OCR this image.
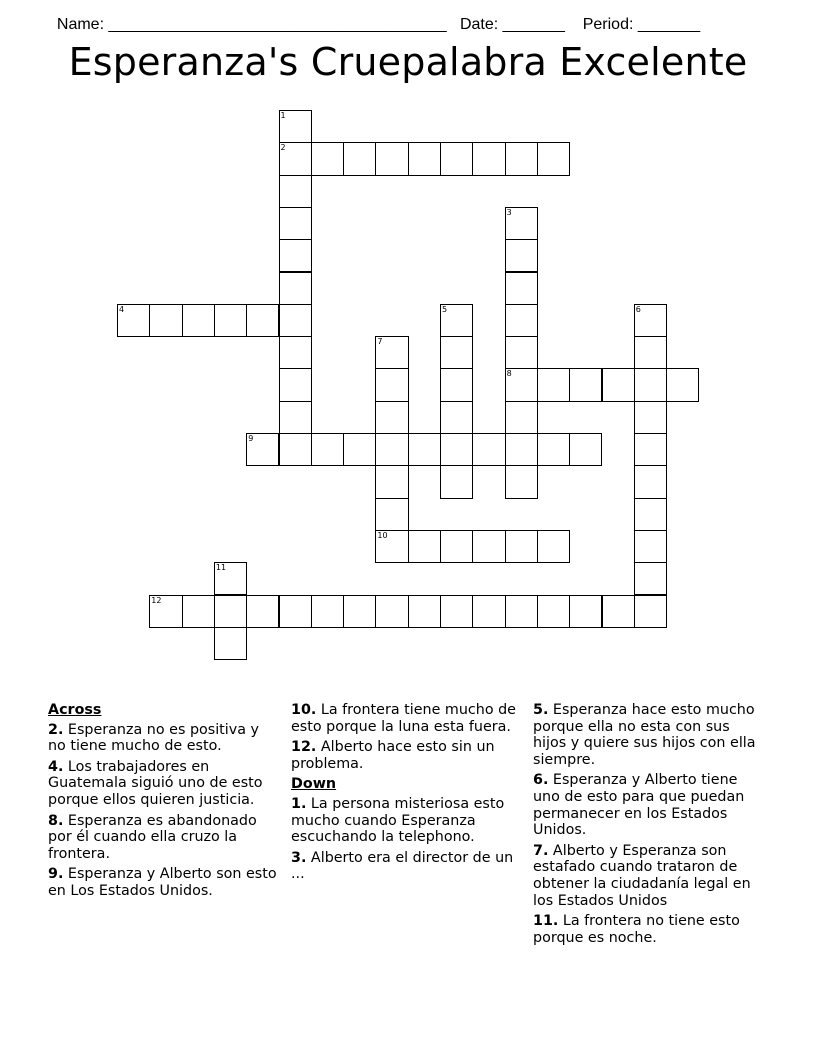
Name: ______________________________________ Date: _______ Period: _______

Esperanza's Cruepalabra Excelente
1
2
3
8
4	5	6
7
10
9
11
12
Across
2. Esperanza no es positiva y no tiene mucho de esto.
4. Los trabajadores en Guatemala siguió uno de esto porque ellos quieren justicia.
8. Esperanza es abandonado por él cuando ella cruzo la frontera.
9. Esperanza y Alberto son esto en Los Estados Unidos.
10. La frontera tiene mucho de esto porque la luna esta fuera.
12. Alberto hace esto sin un problema.
Down
1. La persona misteriosa esto mucho cuando Esperanza escuchando la telephono.
3. Alberto era el director de un ...
5. Esperanza hace esto mucho porque ella no esta con sus hijos y quiere sus hijos con ella siempre.
6. Esperanza y Alberto tiene uno de esto para que puedan permanecer en los Estados Unidos.
7. Alberto y Esperanza son estafado cuando trataron de obtener la ciudadanía legal en los Estados Unidos
11. La frontera no tiene esto porque es noche.
